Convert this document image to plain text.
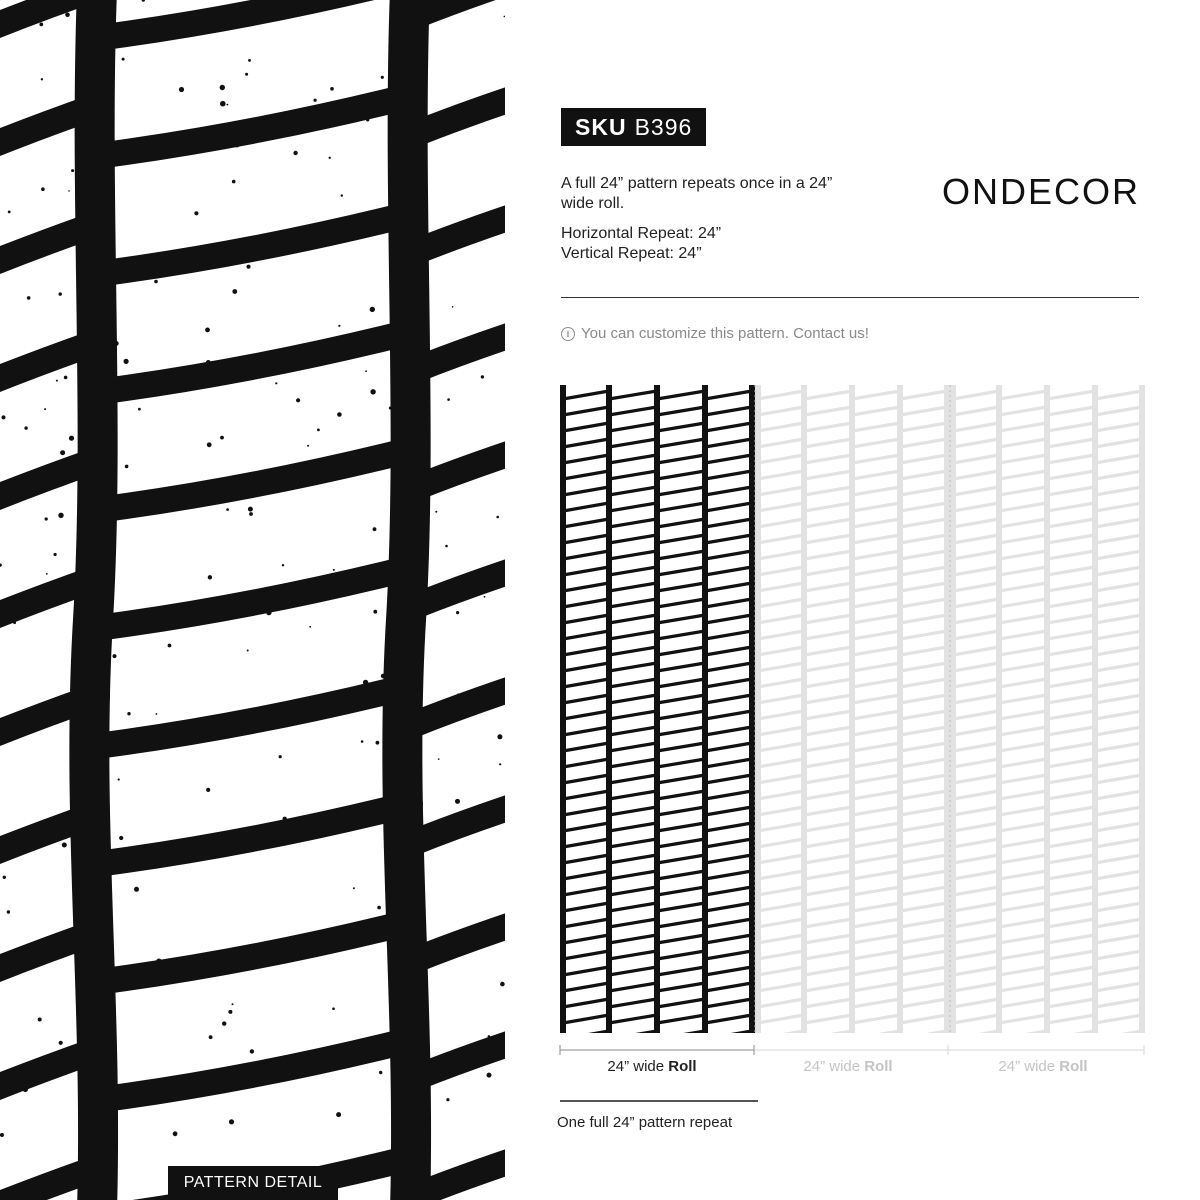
PATTERN DETAIL
SKU B396

A full 24” pattern repeats once in a 24” wide roll.

Horizontal Repeat: 24”
Vertical Repeat: 24”

ONDECOR
i You can customize this pattern. Contact us!
24” wide Roll	24” wide Roll	24” wide Roll
One full 24” pattern repeat
